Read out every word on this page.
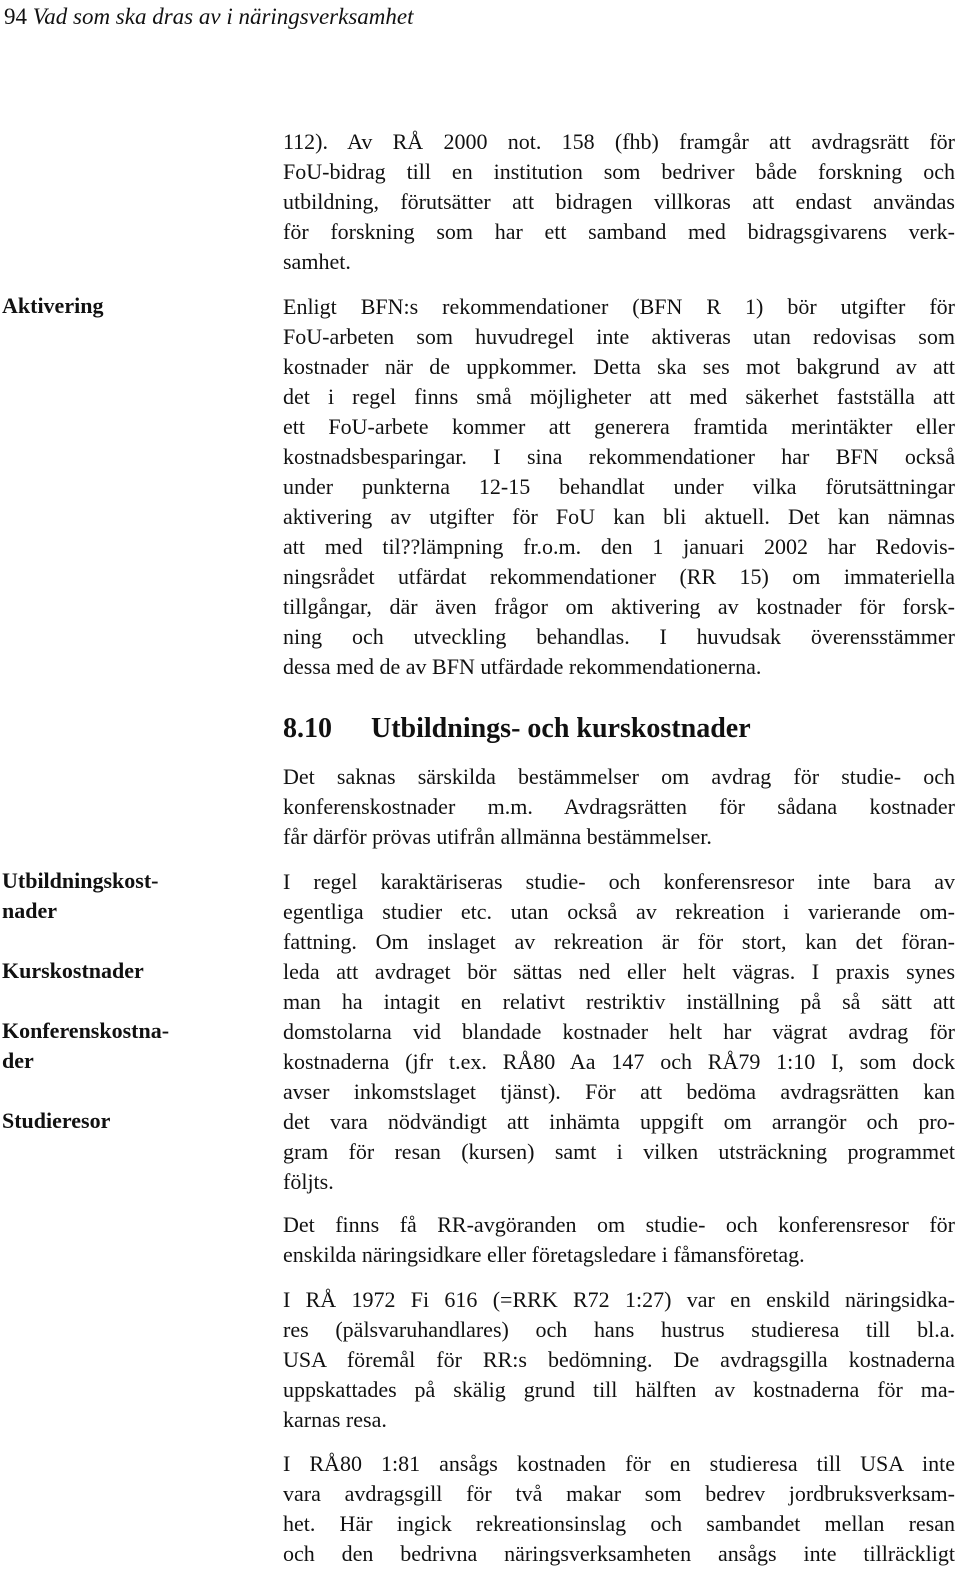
94 Vad som ska dras av i näringsverksamhet
Aktivering
Utbildningskost-
nader
Kurskostnader
Konferenskostna-
der
Studieresor

112). Av RÅ 2000 not. 158 (fhb) framgår att avdragsrätt för
FoU-bidrag till en institution som bedriver både forskning och
utbildning, förutsätter att bidragen villkoras att endast användas
för forskning som har ett samband med bidragsgivarens verk-
samhet.

Enligt BFN:s rekommendationer (BFN R 1) bör utgifter för
FoU-arbeten som huvudregel inte aktiveras utan redovisas som
kostnader när de uppkommer. Detta ska ses mot bakgrund av att
det i regel finns små möjligheter att med säkerhet fastställa att
ett FoU-arbete kommer att generera framtida merintäkter eller
kostnadsbesparingar. I sina rekommendationer har BFN också
under punkterna 12-15 behandlat under vilka förutsättningar
aktivering av utgifter för FoU kan bli aktuell. Det kan nämnas
att med til??lämpning fr.o.m. den 1 januari 2002 har Redovis-
ningsrådet utfärdat rekommendationer (RR 15) om immateriella
tillgångar, där även frågor om aktivering av kostnader för forsk-
ning och utveckling behandlas. I huvudsak överensstämmer
dessa med de av BFN utfärdade rekommendationerna.

8.10 Utbildnings- och kurskostnader

Det saknas särskilda bestämmelser om avdrag för studie- och
konferenskostnader m.m. Avdragsrätten för sådana kostnader
får därför prövas utifrån allmänna bestämmelser.

I regel karaktäriseras studie- och konferensresor inte bara av
egentliga studier etc. utan också av rekreation i varierande om-
fattning. Om inslaget av rekreation är för stort, kan det föran-
leda att avdraget bör sättas ned eller helt vägras. I praxis synes
man ha intagit en relativt restriktiv inställning på så sätt att
domstolarna vid blandade kostnader helt har vägrat avdrag för
kostnaderna (jfr t.ex. RÅ80 Aa 147 och RÅ79 1:10 I, som dock
avser inkomstslaget tjänst). För att bedöma avdragsrätten kan
det vara nödvändigt att inhämta uppgift om arrangör och pro-
gram för resan (kursen) samt i vilken utsträckning programmet
följts.

Det finns få RR-avgöranden om studie- och konferensresor för
enskilda näringsidkare eller företagsledare i fåmansföretag.

I RÅ 1972 Fi 616 (=RRK R72 1:27) var en enskild näringsidka-
res (pälsvaruhandlares) och hans hustrus studieresa till bl.a.
USA föremål för RR:s bedömning. De avdragsgilla kostnaderna
uppskattades på skälig grund till hälften av kostnaderna för ma-
karnas resa.

I RÅ80 1:81 ansågs kostnaden för en studieresa till USA inte
vara avdragsgill för två makar som bedrev jordbruksverksam-
het. Här ingick rekreationsinslag och sambandet mellan resan
och den bedrivna näringsverksamheten ansågs inte tillräckligt
